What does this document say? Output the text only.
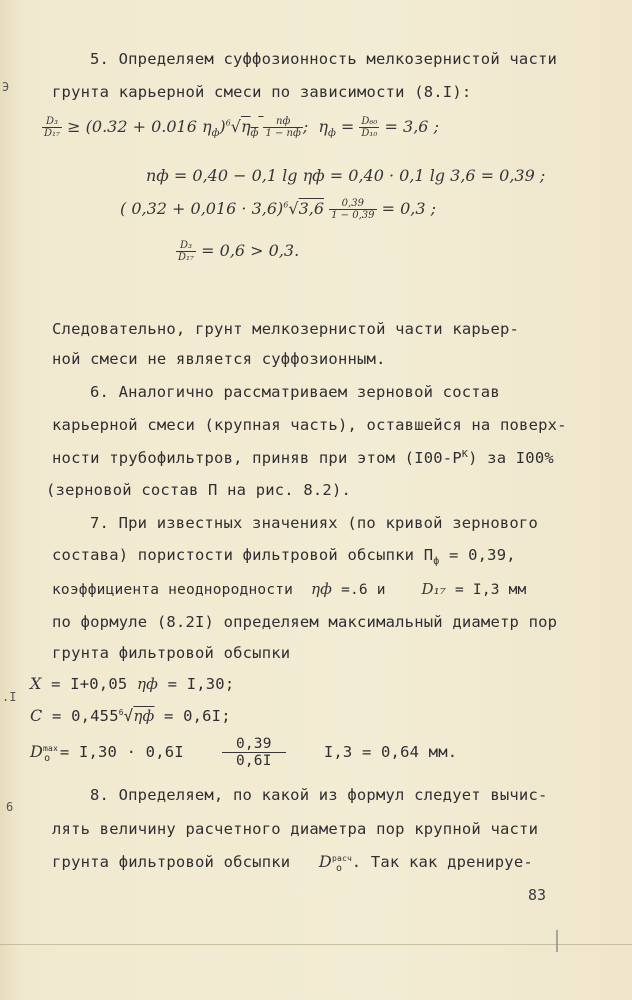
Э
.I
6
5. Определяем суффозионность мелкозернистой части
грунта карьерной смеси по зависимости (8.I):
$\frac{\text{D₃}}{\text{D₁₇}} \ge (0.32 + 0.016$ $\eta_ф)^6√\eta_ф \frac{nф}{1 - nф}$ ; $\eta_ф = \frac{\text{D₆₀}}{\text{D₁₀}} = 3,6$ ;
nф = 0,40 − 0,1 lg ηф = 0,40 · 0,1 lg 3,6 = 0,39 ;
( $0,32 + 0,016 \cdot 3,6)^6√3,6 \frac{0,39}{1 - 0,39} = 0,3$ ;
$\frac{\text{D₃}}{\text{D₁₇}} = 0,6 > 0,3$.
Следовательно, грунт мелкозернистой части карьер-
ной смеси не является суффозионным.
6. Аналогично рассматриваем зерновой состав
карьерной смеси (крупная часть), оставшейся на поверх-
ности трубофильтров, приняв при этом $(I00-Р^К)$ за I00%
(зерновой состав П на рис. 8.2).
7. При известных значениях (по кривой зернового
состава) пористости фильтровой обсыпки $П_ф = 0,39$,
коэффициента неоднородности ηф =.6 и D₁₇ = I,3 мм
по формуле (8.2I) определяем максимальный диаметр пор
грунта фильтровой обсыпки
X = I+0,05 ηф = I,30;
$C = 0,455^6√\eta ф = 0,6I$;
$D^{max}_o = I,30 \cdot 0,6I$	$\frac{0,39}{0,6I} I,3 = 0,64$ мм.
8. Определяем, по какой из формул следует вычис-
лять величину расчетного диаметра пор крупной части
грунта фильтровой обсыпки $D^{расч}_o$ . Так как дренируе-
83
